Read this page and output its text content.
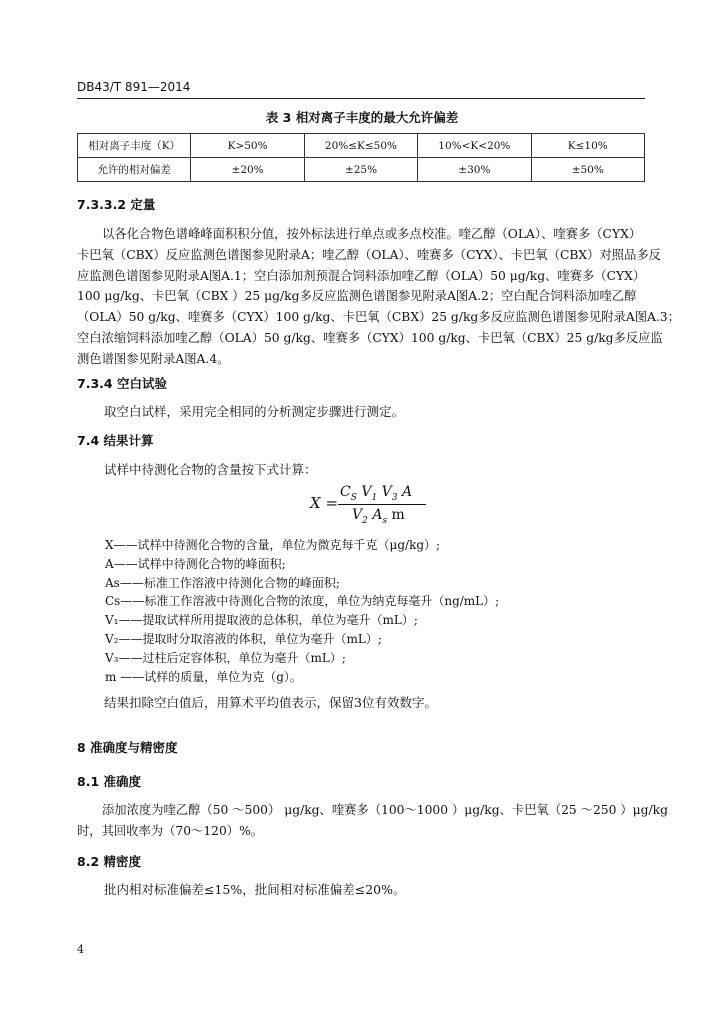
DB43/T 891—2014
表 3 相对离子丰度的最大允许偏差
相对离子丰度（K）	K>50%	20%≤K≤50%	10%<K<20%	K≤10%
允许的相对偏差	±20%	±25%	±30%	±50%
7.3.3.2 定量
以各化合物色谱峰峰面积积分值，按外标法进行单点或多点校准。喹乙醇（OLA）、喹赛多（CYX）
卡巴氧（CBX）反应监测色谱图参见附录A；喹乙醇（OLA）、喹赛多（CYX）、卡巴氧（CBX）对照品多反
应监测色谱图参见附录A图A.1；空白添加剂预混合饲料添加喹乙醇（OLA）50 μg/kg、喹赛多（CYX）
100 μg/kg、卡巴氧（CBX ）25 μg/kg多反应监测色谱图参见附录A图A.2；空白配合饲料添加喹乙醇
（OLA）50 g/kg、喹赛多（CYX）100 g/kg、卡巴氧（CBX）25 g/kg多反应监测色谱图参见附录A图A.3；
空白浓缩饲料添加喹乙醇（OLA）50 g/kg、喹赛多（CYX）100 g/kg、卡巴氧（CBX）25 g/kg多反应监
测色谱图参见附录A图A.4。
7.3.4 空白试验
取空白试样，采用完全相同的分析测定步骤进行测定。
7.4 结果计算
试样中待测化合物的含量按下式计算：
X =
$C_S$ $V_1$ $V_3$ A
$V_2$ $A_s$ m
X——试样中待测化合物的含量，单位为微克每千克（μg/kg）;
A——试样中待测化合物的峰面积;
As——标准工作溶液中待测化合物的峰面积;
Cs——标准工作溶液中待测化合物的浓度，单位为纳克每毫升（ng/mL）;
V₁——提取试样所用提取液的总体积，单位为毫升（mL）;
V₂——提取时分取溶液的体积，单位为毫升（mL）;
V₃——过柱后定容体积，单位为毫升（mL）;
m ——试样的质量，单位为克（g）。
结果扣除空白值后，用算术平均值表示，保留3位有效数字。
8 准确度与精密度
8.1 准确度
添加浓度为喹乙醇（50 ～500） μg/kg、喹赛多（100～1000 ）μg/kg、卡巴氧（25 ～250 ）μg/kg
时，其回收率为（70～120）%。
8.2 精密度
批内相对标准偏差≤15%，批间相对标准偏差≤20%。
4
